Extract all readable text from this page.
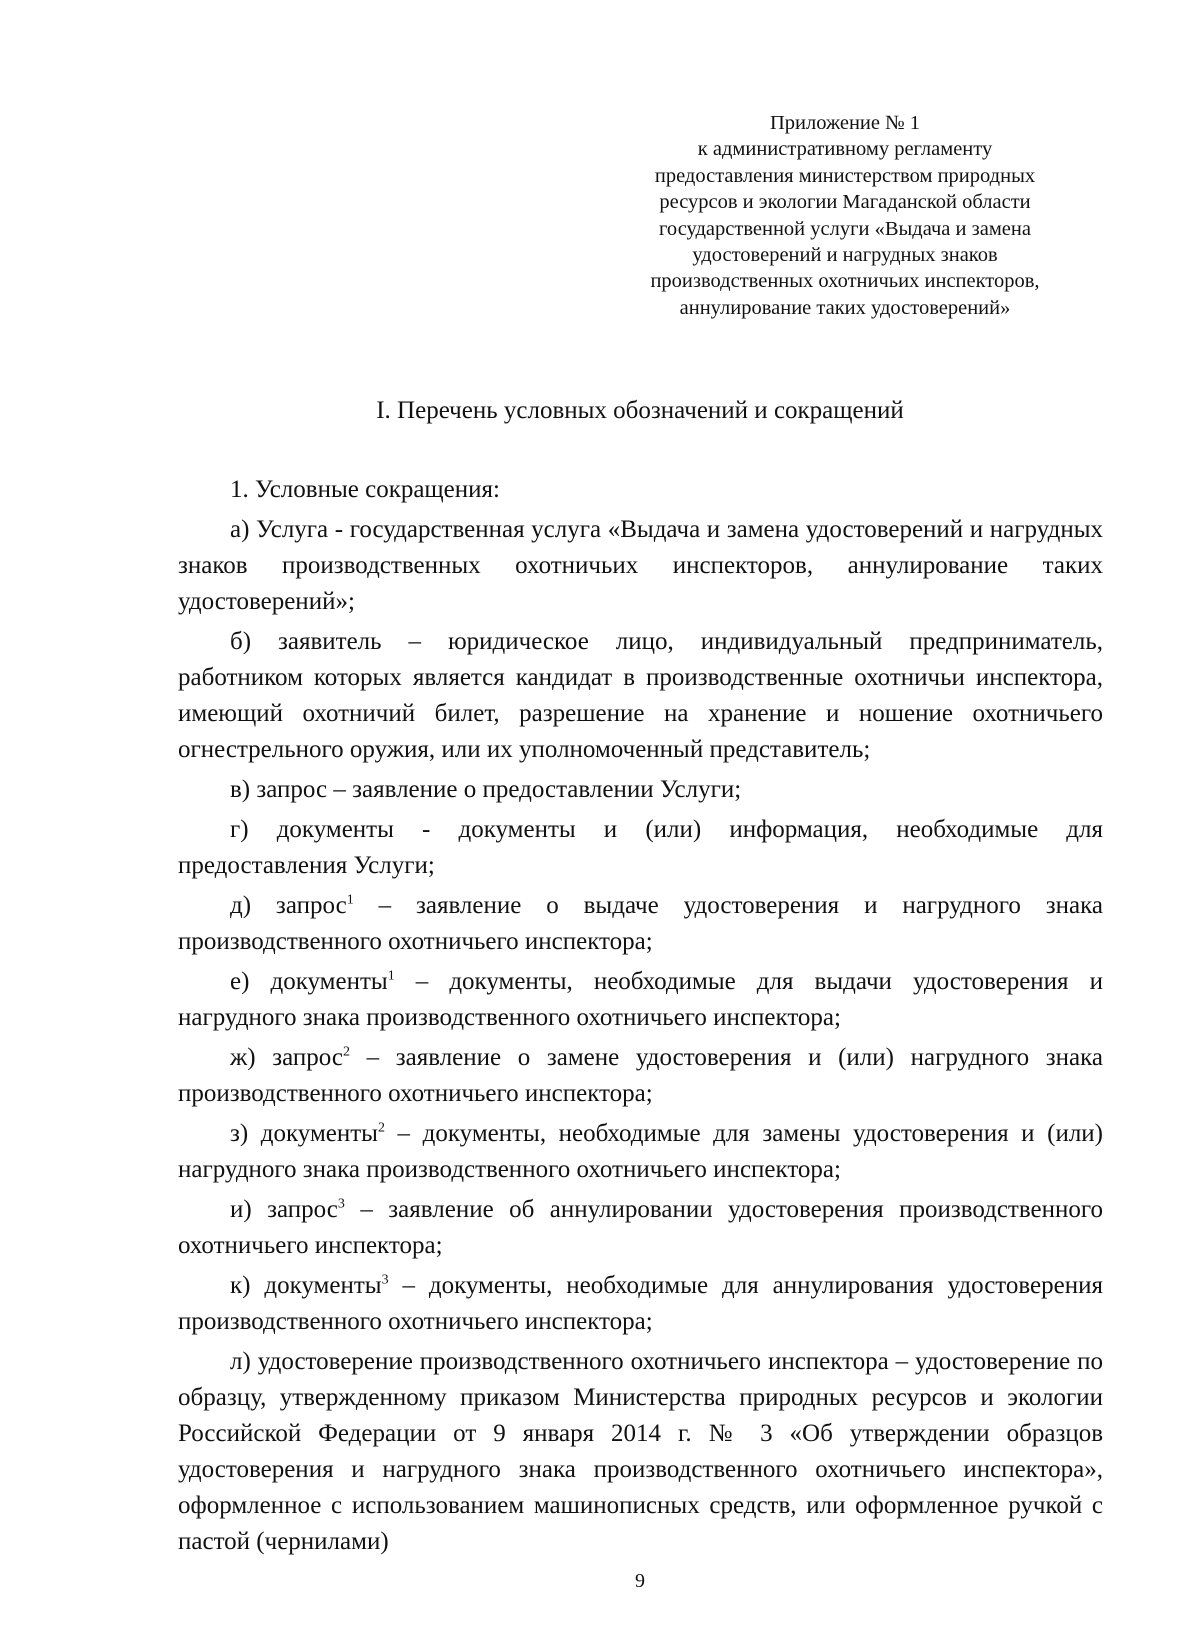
Приложение № 1
к административному регламенту
предоставления министерством природных
ресурсов и экологии Магаданской области
государственной услуги «Выдача и замена
удостоверений и нагрудных знаков
производственных охотничьих инспекторов,
аннулирование таких удостоверений»
I. Перечень условных обозначений и сокращений

1. Условные сокращения:

а) Услуга - государственная услуга «Выдача и замена удостоверений и нагрудных знаков производственных охотничьих инспекторов, аннулирование таких удостоверений»;

б) заявитель – юридическое лицо, индивидуальный предприниматель, работником которых является кандидат в производственные охотничьи инспектора, имеющий охотничий билет, разрешение на хранение и ношение охотничьего огнестрельного оружия, или их уполномоченный представитель;

в) запрос – заявление о предоставлении Услуги;

г) документы - документы и (или) информация, необходимые для предоставления Услуги;

д) запрос$^1$ – заявление о выдаче удостоверения и нагрудного знака производственного охотничьего инспектора;

е) документы$^1$ – документы, необходимые для выдачи удостоверения и нагрудного знака производственного охотничьего инспектора;

ж) запрос$^2$ – заявление о замене удостоверения и (или) нагрудного знака производственного охотничьего инспектора;

з) документы$^2$ – документы, необходимые для замены удостоверения и (или) нагрудного знака производственного охотничьего инспектора;

и) запрос$^3$ – заявление об аннулировании удостоверения производственного охотничьего инспектора;

к) документы$^3$ – документы, необходимые для аннулирования удостоверения производственного охотничьего инспектора;

л) удостоверение производственного охотничьего инспектора – удостоверение по образцу, утвержденному приказом Министерства природных ресурсов и экологии Российской Федерации от 9 января 2014 г. № 3 «Об утверждении образцов удостоверения и нагрудного знака производственного охотничьего инспектора», оформленное с использованием машинописных средств, или оформленное ручкой с пастой (чернилами)

9
